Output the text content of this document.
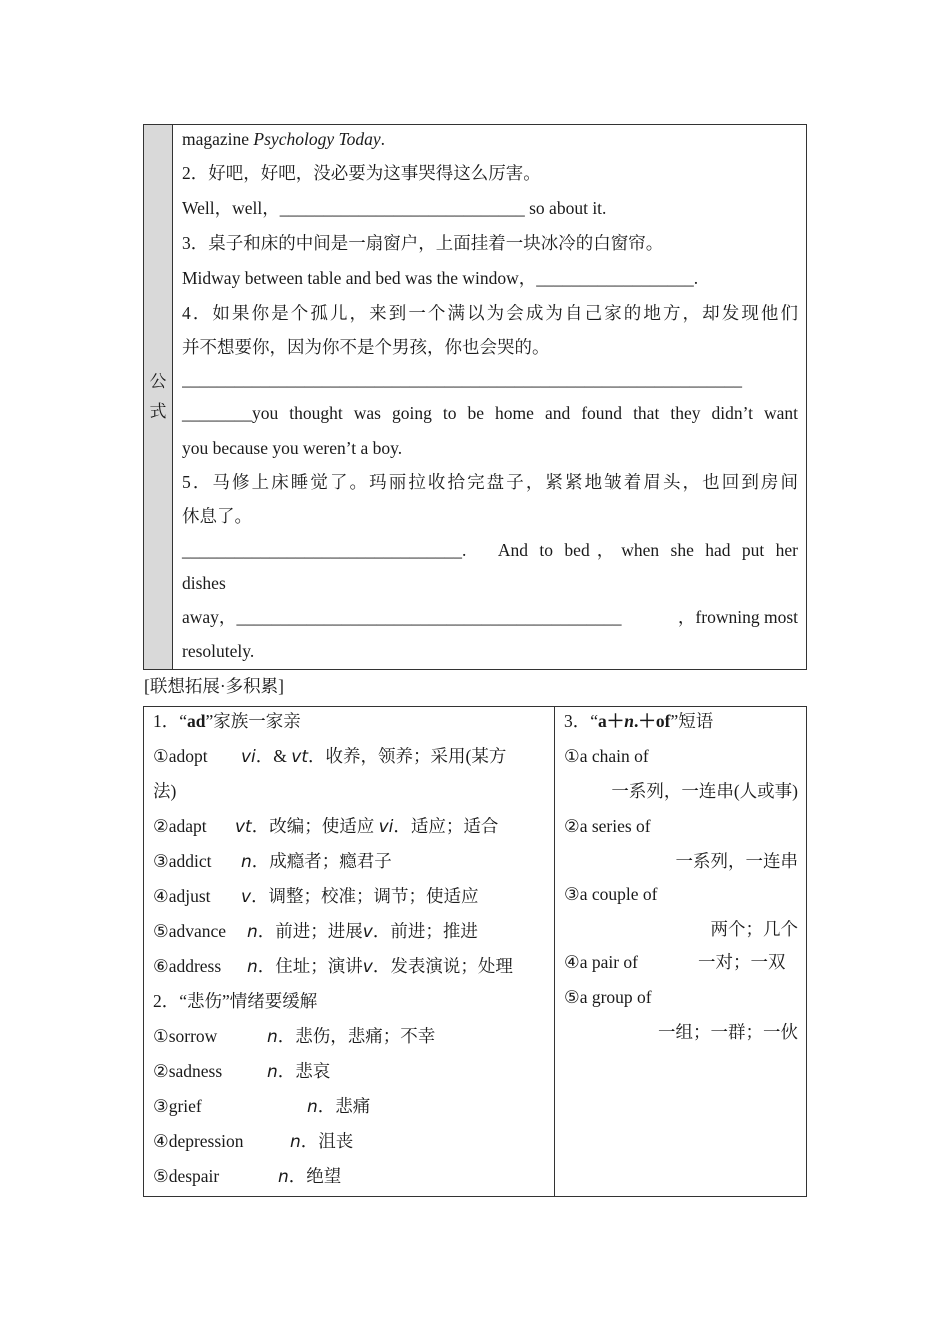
公
式
magazine Psychology Today.
2．好吧，好吧，没必要为这事哭得这么厉害。
Well，well，____________________________ so about it.
3．桌子和床的中间是一扇窗户，上面挂着一块冰冷的白窗帘。
Midway between table and bed was the window，__________________.
4．如果你是个孤儿，来到一个满以为会成为自己家的地方，却发现他们
并不想要你，因为你不是个男孩，你也会哭的。
________________________________________________________________
________ you thought was going to be home and found that they didn’t want
you because you weren’t a boy.
5．马修上床睡觉了。玛丽拉收拾完盘子，紧紧地皱着眉头，也回到房间
休息了。
________________________________ .　And to bed，when she had put her
dishes
away， ____________________________________________	，frowning most
resolutely.
[联想拓展·多积累]
1．“ad”家族一家亲
①adopt vi．& vt．收养，领养；采用(某方
法)
②adapt vt．改编；使适应 vi．适应；适合
③addict n．成瘾者；瘾君子
④adjust v．调整；校准；调节；使适应
⑤advance n．前进；进展v．前进；推进
⑥address n．住址；演讲v．发表演说；处理
2．“悲伤”情绪要缓解
①sorrow	n．悲伤，悲痛；不幸
②sadness	n．悲哀
③grief	n．悲痛
④depression	n．沮丧
⑤despair	n．绝望
3．“a＋n.＋of”短语
①a chain of
一系列，一连串(人或事)
②a series of
一系列，一连串
③a couple of
两个；几个
④a pair of	一对；一双
⑤a group of
一组；一群；一伙
